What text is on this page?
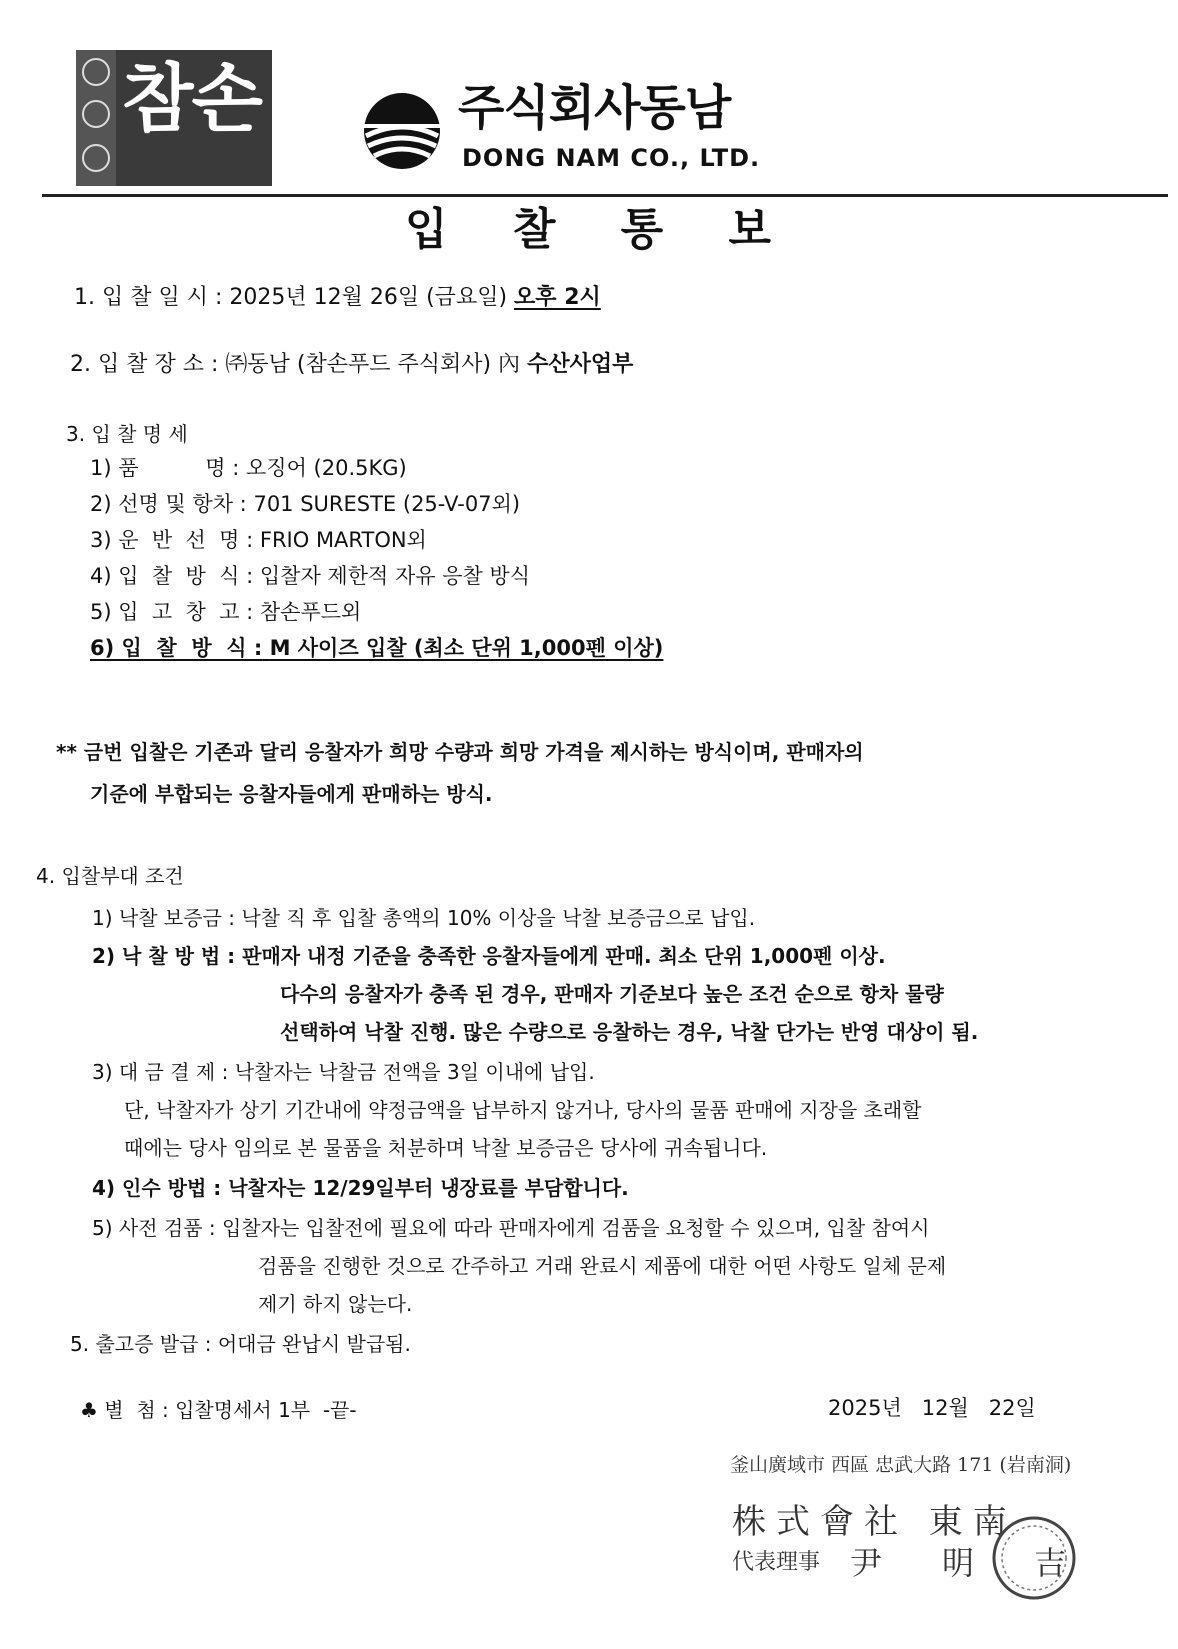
참손	주식회사동남
DONG NAM CO., LTD.
입 찰 통 보
1. 입 찰 일 시 : 2025년 12월 26일 (금요일) 오후 2시
2. 입 찰 장 소 : ㈜동남 (참손푸드 주식회사) 內 수산사업부
3. 입 찰 명 세
1) 품          명 : 오징어 (20.5KG)
2) 선명 및 항차 : 701 SURESTE (25-V-07외)
3) 운  반  선  명 : FRIO MARTON외
4) 입  찰  방  식 : 입찰자 제한적 자유 응찰 방식
5) 입  고  창  고 : 참손푸드외
6) 입  찰  방  식 : M 사이즈 입찰 (최소 단위 1,000펜 이상)
** 금번 입찰은 기존과 달리 응찰자가 희망 수량과 희망 가격을 제시하는 방식이며, 판매자의
기준에 부합되는 응찰자들에게 판매하는 방식.
4. 입찰부대 조건
1) 낙찰 보증금 : 낙찰 직 후 입찰 총액의 10% 이상을 낙찰 보증금으로 납입.
2) 낙 찰 방 법 : 판매자 내정 기준을 충족한 응찰자들에게 판매. 최소 단위 1,000펜 이상.
다수의 응찰자가 충족 된 경우, 판매자 기준보다 높은 조건 순으로 항차 물량
선택하여 낙찰 진행. 많은 수량으로 응찰하는 경우, 낙찰 단가는 반영 대상이 됨.
3) 대 금 결 제 : 낙찰자는 낙찰금 전액을 3일 이내에 납입.
단, 낙찰자가 상기 기간내에 약정금액을 납부하지 않거나, 당사의 물품 판매에 지장을 초래할
때에는 당사 임의로 본 물품을 처분하며 낙찰 보증금은 당사에 귀속됩니다.
4) 인수 방법 : 낙찰자는 12/29일부터 냉장료를 부담합니다.
5) 사전 검품 : 입찰자는 입찰전에 필요에 따라 판매자에게 검품을 요청할 수 있으며, 입찰 참여시
검품을 진행한 것으로 간주하고 거래 완료시 제품에 대한 어떤 사항도 일체 문제
제기 하지 않는다.
5. 출고증 발급 : 어대금 완납시 발급됨.
♣ 별  첨 : 입찰명세서 1부  -끝-	2025년   12월   22일
釜山廣域市 西區 忠武大路 171 (岩南洞)
株式會社 東南
代表理事 尹明吉
